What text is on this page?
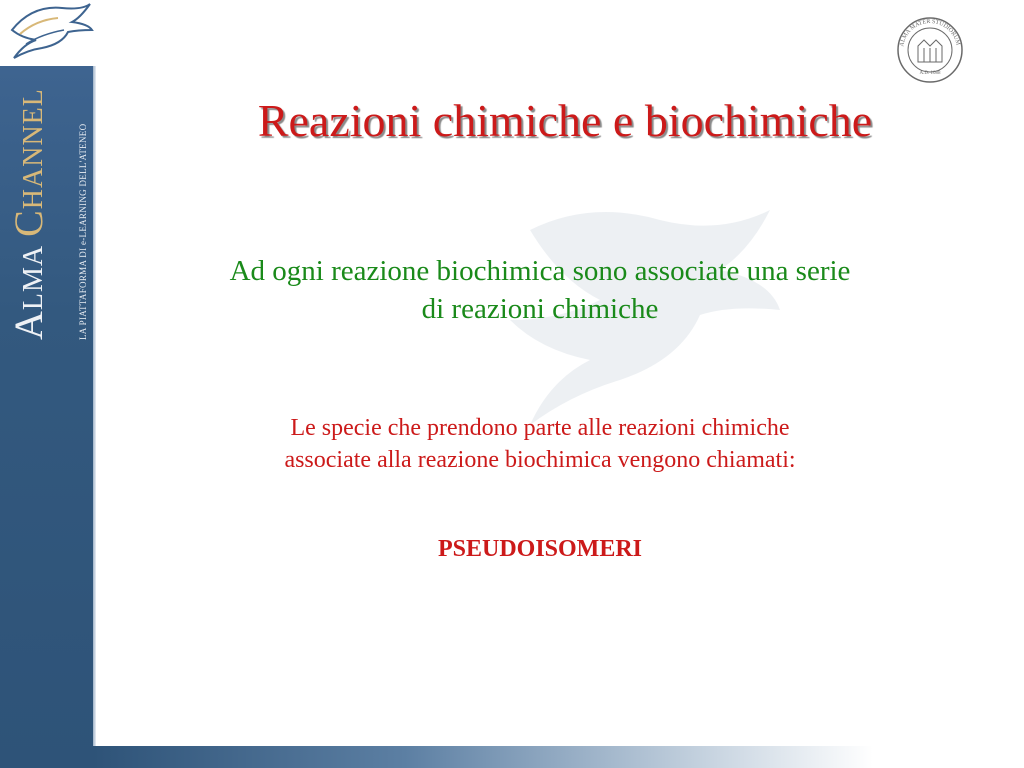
AlmaChannel	LA PIATTAFORMA DI e-LEARNING DELL'ATENEO
ALMA MATER STUDIORUM
A.D. 1088
Reazioni chimiche e biochimiche
Ad ogni reazione biochimica sono associate una serie
di reazioni chimiche
Le specie che prendono parte alle reazioni chimiche
associate alla reazione biochimica vengono chiamati:
PSEUDOISOMERI
